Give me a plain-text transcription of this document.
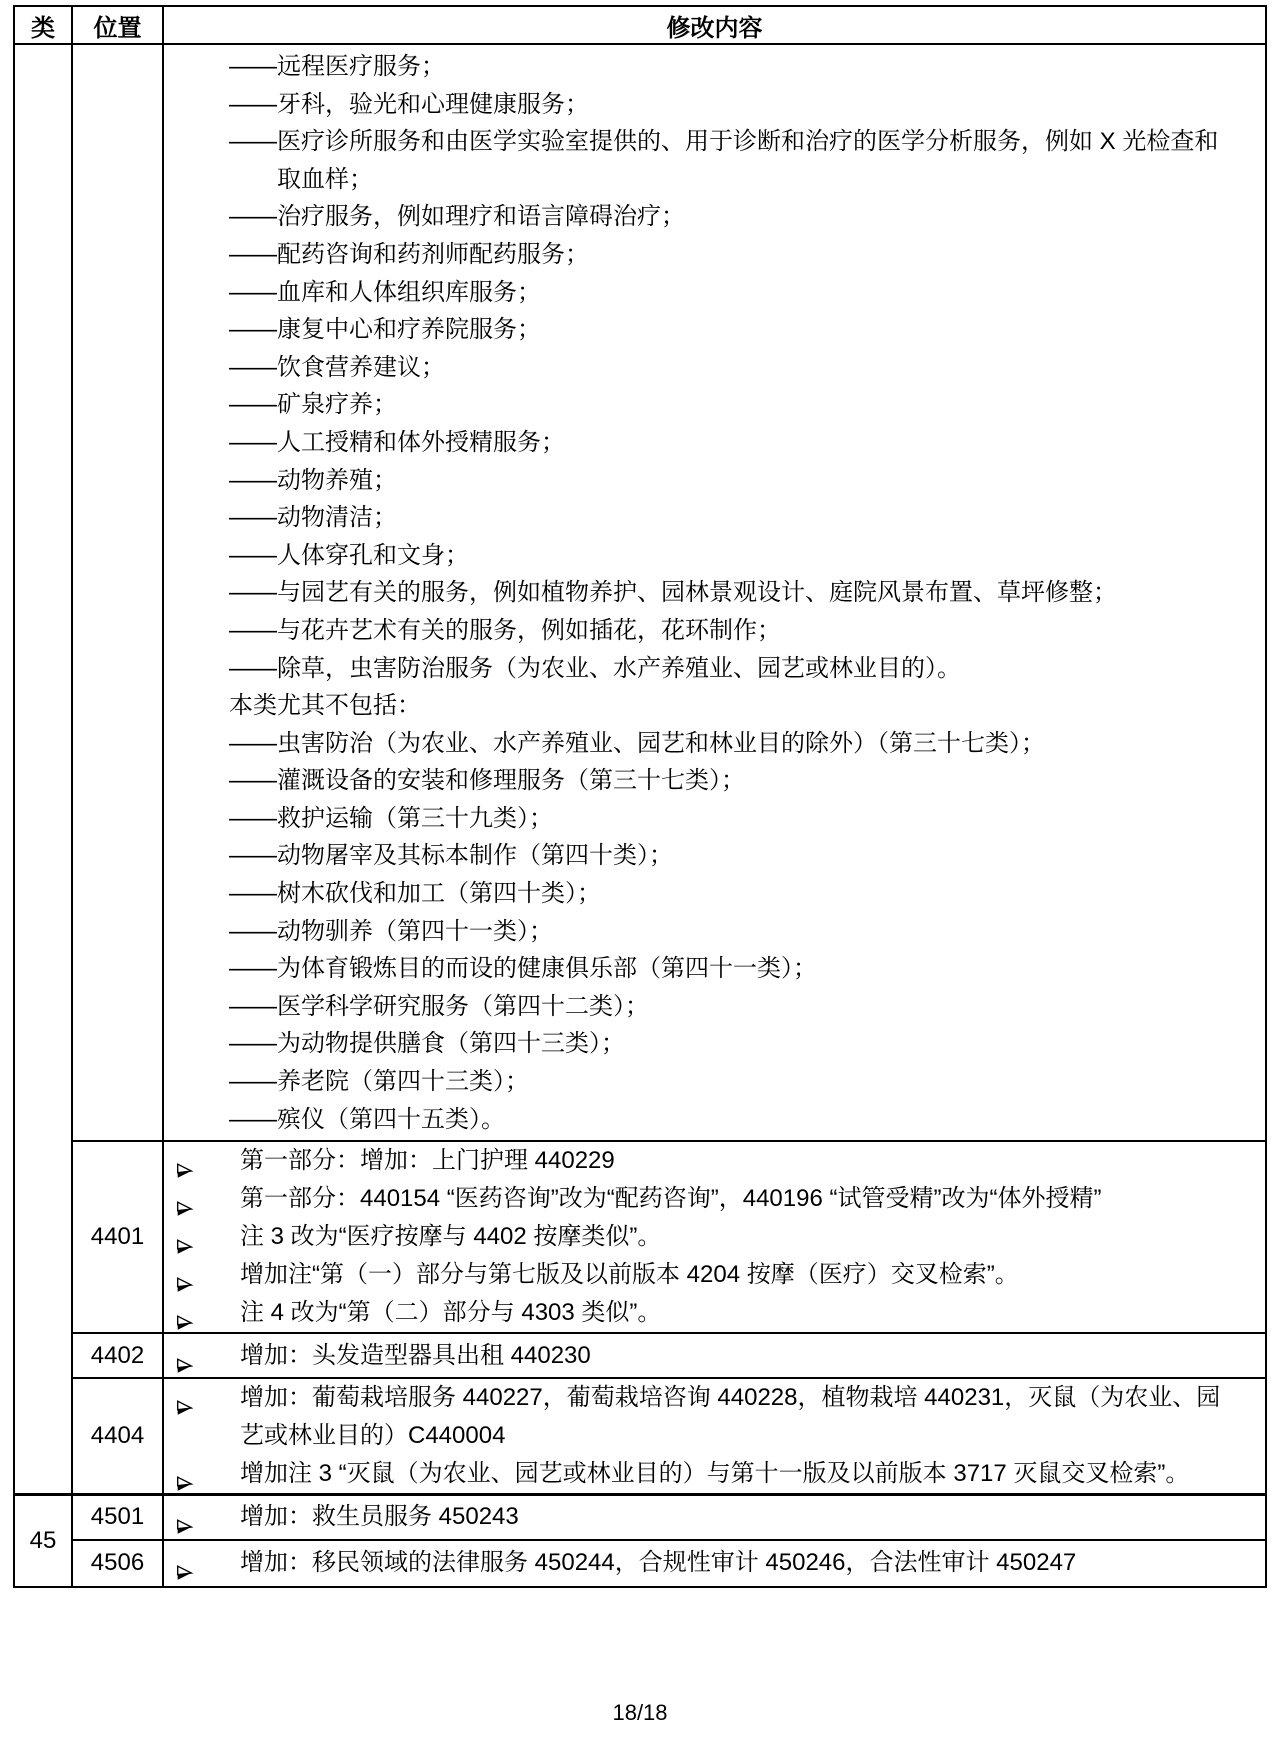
类	位置	修改内容

——远程医疗服务；
——牙科，验光和心理健康服务；
——医疗诊所服务和由医学实验室提供的、用于诊断和治疗的医学分析服务，例如 X 光检查和
取血样；
——治疗服务，例如理疗和语言障碍治疗；
——配药咨询和药剂师配药服务；
——血库和人体组织库服务；
——康复中心和疗养院服务；
——饮食营养建议；
——矿泉疗养；
——人工授精和体外授精服务；
——动物养殖；
——动物清洁；
——人体穿孔和文身；
——与园艺有关的服务，例如植物养护、园林景观设计、庭院风景布置、草坪修整；
——与花卉艺术有关的服务，例如插花，花环制作；
——除草，虫害防治服务（为农业、水产养殖业、园艺或林业目的）。
本类尤其不包括：
——虫害防治（为农业、水产养殖业、园艺和林业目的除外）（第三十七类）；
——灌溉设备的安装和修理服务（第三十七类）；
——救护运输（第三十九类）；
——动物屠宰及其标本制作（第四十类）；
——树木砍伐和加工（第四十类）；
——动物驯养（第四十一类）；
——为体育锻炼目的而设的健康俱乐部（第四十一类）；
——医学科学研究服务（第四十二类）；
——为动物提供膳食（第四十三类）；
——养老院（第四十三类）；
——殡仪（第四十五类）。

	4401	第一部分：增加：上门护理 440229
第一部分：440154 “医药咨询”改为“配药咨询”，440196 “试管受精”改为“体外授精”
注 3 改为“医疗按摩与 4402 按摩类似”。
增加注“第（一）部分与第七版及以前版本 4204 按摩（医疗）交叉检索”。
注 4 改为“第（二）部分与 4303 类似”。

	4402	增加：头发造型器具出租 440230

	4404	增加：葡萄栽培服务 440227，葡萄栽培咨询 440228，植物栽培 440231，灭鼠（为农业、园
艺或林业目的）C440004
增加注 3 “灭鼠（为农业、园艺或林业目的）与第十一版及以前版本 3717 灭鼠交叉检索”。

45	4501	增加：救生员服务 450243

	4506	增加：移民领域的法律服务 450244，合规性审计 450246，合法性审计 450247
18/18
